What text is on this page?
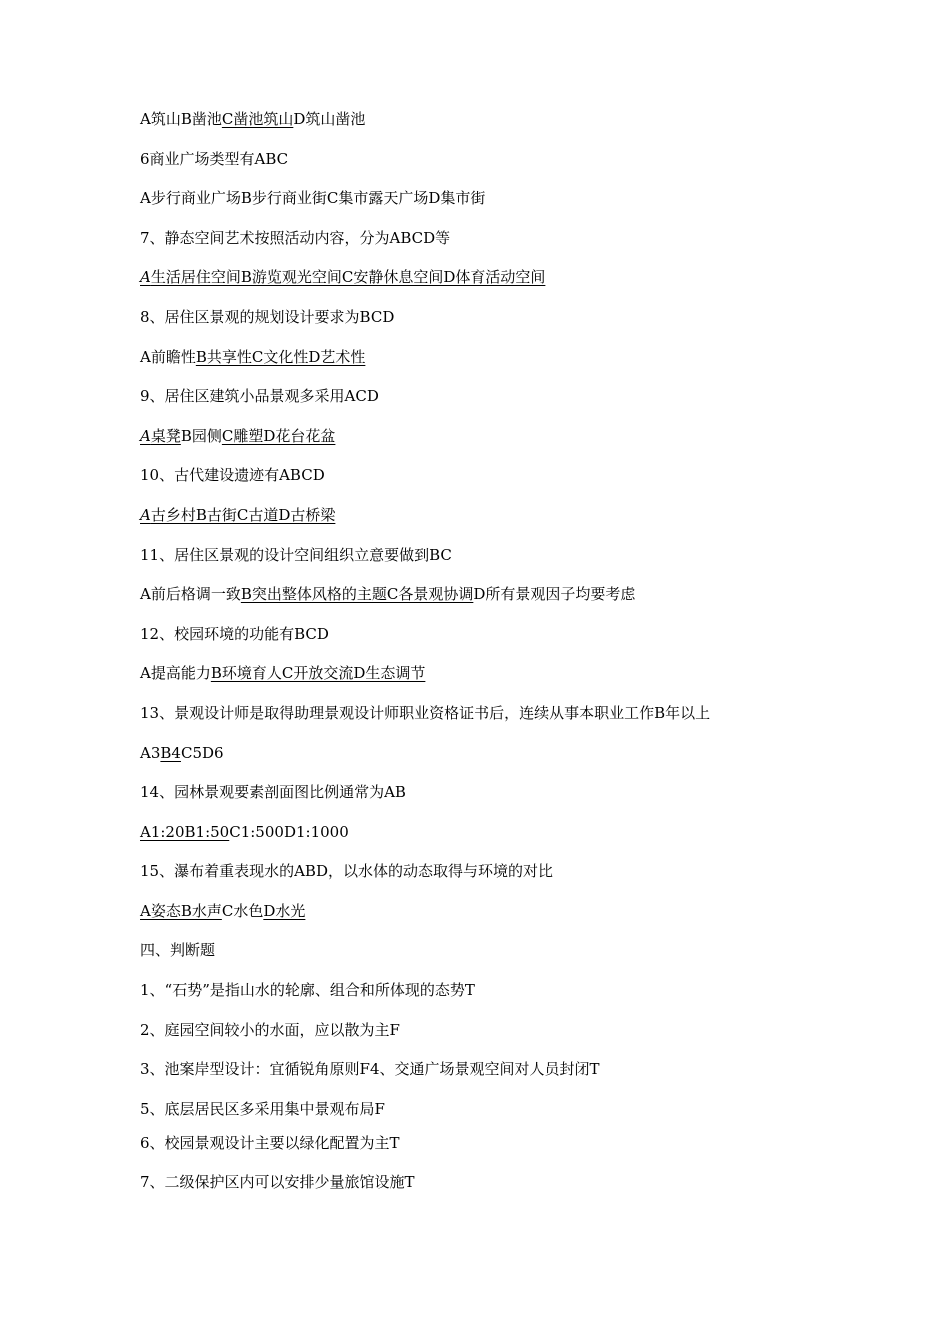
A筑山B凿池C凿池筑山D筑山凿池
6商业广场类型有ABC
A步行商业广场B步行商业街C集市露天广场D集市街
7、静态空间艺术按照活动内容，分为ABCD等
A生活居住空间B游览观光空间C安静休息空间D体育活动空间
8、居住区景观的规划设计要求为BCD
A前瞻性B共享性C文化性D艺术性
9、居住区建筑小品景观多采用ACD
A桌凳B园侧C雕塑D花台花盆
10、古代建设遗迹有ABCD
A古乡村B古街C古道D古桥梁
11、居住区景观的设计空间组织立意要做到BC
A前后格调一致B突出整体风格的主题C各景观协调D所有景观因子均要考虑
12、校园环境的功能有BCD
A提高能力B环境育人C开放交流D生态调节
13、景观设计师是取得助理景观设计师职业资格证书后，连续从事本职业工作B年以上
A3B4C5D6
14、园林景观要素剖面图比例通常为AB
A1:20B1:50C1:500D1:1000
15、瀑布着重表现水的ABD，以水体的动态取得与环境的对比
A姿态B水声C水色D水光
四、判断题
1、“石势”是指山水的轮廓、组合和所体现的态势T
2、庭园空间较小的水面，应以散为主F
3、池案岸型设计：宜循锐角原则F4、交通广场景观空间对人员封闭T
5、底层居民区多采用集中景观布局F
6、校园景观设计主要以绿化配置为主T
7、二级保护区内可以安排少量旅馆设施T
